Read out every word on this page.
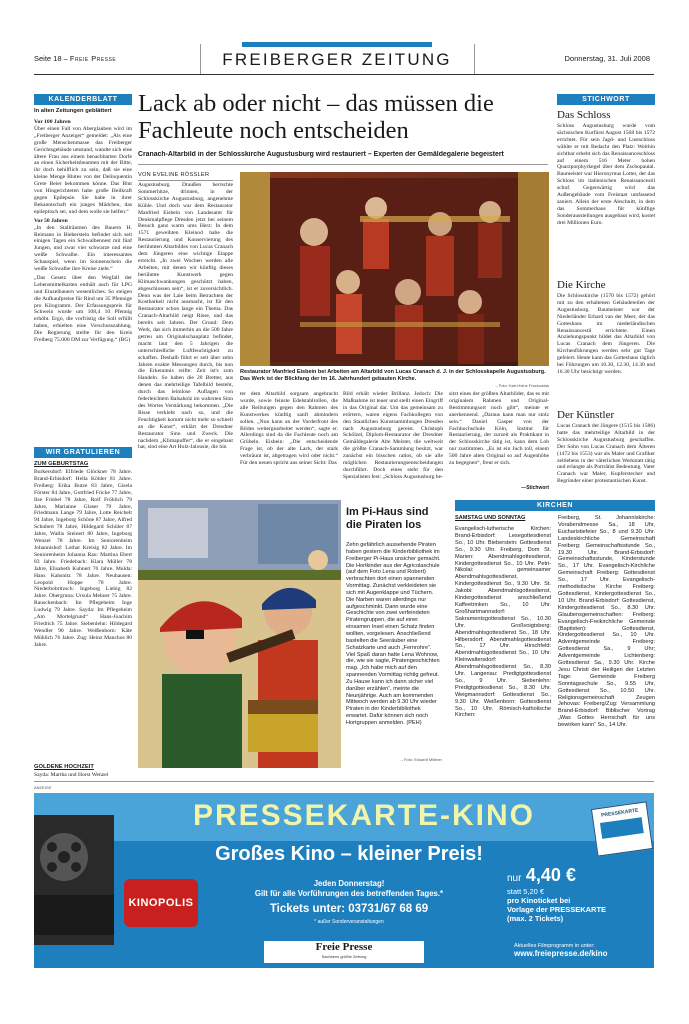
Seite 18 – Freie Presse	FREIBERGER ZEITUNG	Donnerstag, 31. Juli 2008
KALENDERBLATT
In alten Zeitungen geblättert

Vor 100 Jahren
Über einen Fall von Aberglauben wird im „Freiberger Anzeiger“ gemeldet: „Als eine große Menschenmasse das Freiberger Gerichtsgebäude umstand, wandte sich eine ältere Frau aus einem benachbarten Dorfe an einen Sicherheitsbeamten mit der Bitte, ihr doch behilflich zu sein, daß sie eine kleine Menge Blutes von der Delinquentin Grete Beier bekommen könne. Das Blut von Hingerichteten habe große Heilkraft gegen Epilepsie. Sie habe in ihrer Bekanntschaft ein junges Mädchen, das epileptisch sei, und dem wolle sie helfen.“

Vor 50 Jahren
„In den Stallräumen des Bauern H. Reimann in Bieberstein befindet sich seit einigen Tagen ein Schwalbennest mit fünf Jungen, und zwar vier schwarze und eine weiße Schwalbe. Ein interessantes Schauspiel, wenn im Sonnenschein die weiße Schwalbe ihre Kreise zieht.“

„Das Gesetz über den Wegfall der Lebensmittelkarten enthält auch für LPG und Einzelbauern wesentliches. So steigen die Aufkaufpreise für Rind um 35 Pfennige pro Kilogramm. Der Erfassungspreis für Schwein wurde um 108,4 10 Pfennig erhöht. Ergo, die vorfristig die Soll erfüllt haben, erhielten eine Vorschusszahlung. Die Regierung stellte für den Kreis Freiberg 75.000 DM zur Verfügung.“ (BG)

WIR GRATULIEREN
ZUM GEBURTSTAG
Burkersdorf: Elfriede Glöckner 78 Jahre. Brand-Erbisdorf: Hella Köhler 81 Jahre. Freiberg: Erika Butze 83 Jahre, Gisela Förster 84 Jahre, Gottfried Fricke 77 Jahre, Ilse Friebel 78 Jahre, Rolf Fröhlich 79 Jahre, Marianne Glaser 79 Jahre, Friedmann Lange 79 Jahre, Lotte Reichelt 94 Jahre, Ingeborg Schöne 87 Jahre, Alfred Schubert 78 Jahre, Hildegard Schüler 87 Jahre, Wallis Steinert 80 Jahre, Ingeborg Wenzel 78 Jahre. Im Seniorenheim Johannishof: Lothar Kreisig 82 Jahre. Im Seniorenheim Johanna Rau: Martina Ebert 83 Jahre. Friedebach: Klara Müller 78 Jahre, Elisabeth Kuhnert 76 Jahre. Mulda: Hans Kahsnitz 78 Jahre. Neuhausen: Leopold Hoppe 70 Jahre. Niederbobritzsch: Ingeborg Liebig 82 Jahre. Obergruna: Ursula Mehner 75 Jahre. Rauschenbach: Im Pflegeheim Inge Ludwig 79 Jahre. Sayda: Im Pflegeheim „Am Mortelgrund“ Hans-Joachim Friedrich 75 Jahre. Siebenlehn: Hildegard Wendler 90 Jahre. Weißenborn: Käte Mühlich 76 Jahre. Zug: Heinz Manchos 80 Jahre.
GOLDENE HOCHZEIT
Sayda: Martha und Horst Wenzel
Lack ab oder nicht – das müssen die Fachleute noch entscheiden
Cranach-Altarbild in der Schlosskirche Augustusburg wird restauriert – Experten der Gemäldegalerie begeistert
VON EVELINE RÖSSLER
Augustusburg. Draußen herrschte Sommerhitze, drinnen, in der Schlosskirche Augustusburg, angenehme Kühle. Und doch war dem Restaurator Manfried Eisbein von Landesamt für Denkmalpflege Dresden jetzt bei seinem Besuch ganz warm ums Herz: In dem 1571 geweihten Kleinod habe die Restaurierung und Konservierung des berühmten Altarbildes von Lucas Cranach dem Jüngeren eine wichtige Etappe erreicht. „In zwei Wochen werden alle Arbeiten, mit denen wir künftig dieses berühmte Kunstwerk gegen Klimaschwankungen geschützt haben, abgeschlossen sein“, ist er zuversichtlich. Denn was der Laie beim Betrachten der Kostbarkeit nicht ausmacht, ist für den Restaurator schon lange ein Thema. Das Cranach-Altarbild neigt Risse, und das bereits seit Jahren. Der Grund: Dem Werk, das sich immerhin an die 500 Jahre getreu am Originalschauplatz befindet, macht laut den 5 Jahrigen die unterschiedliche Luftfeuchtigkeit zu schaffen. Deshalb führt er seit über zehn Jahren exakte Messungen durch, bis nun die Erkenntnis reifte: Zeit ist's zum Handeln. So haben die 20 Bretter, aus denen das mehrteilige Tafelbild besteht, durch das leimlose Auflagen von federleichtem Balsaholz im wahrsten Sinn des Wortes Verstärkung bekommen. „Die Risse verklebt nach so, und die Feuchtigkeit kommt nicht mehr so schnell an die Kunst“, erklärt der Dresdner Restaurator Sinn und Zweck. Die nachdem „Klimapuffer“, die er eingebaut hat, sind eine Art Holz-Jalousie, die hin
Restaurator Manfried Eisbein bei Arbeiten am Altarbild von Lucas Cranach d. J. in der Schlosskapelle Augustusburg. Das Werk ist der Blickfang der im 16. Jahrhundert gebauten Kirche.
– Foto: Karl-Heinz Frackowiak
ter dem Altarbild sorgsam angebracht wurde, sowie feinste Edelstahlrollen, die alle Reibungen gegen den Rahmen des Kunstwerkes künftig sanft abmindern sollen. „Nun kann an der Vorderfront des Bildes weitergearbeitet werden“, sagte er. Allerdings sind da die Fachleute noch am Grübeln. Eisbein: „Die entscheidende Frage ist, ob der alte Lack, der stark verbräunt ist, abgetragen wird oder nicht.“ Für den neuen spricht aus seiner Sicht: Das
Bild erhält wieder Brillanz. Jedoch: Die Maßnahme ist teuer und stellt einen Eingriff in das Original dar. Um das gemeinsam zu erörtern, waren eigens Fachkollegen von den Staatlichen Kunstsammlungen Dresden nach Augustusburg gereist. Christoph Schölzel, Diplom-Restaurator der Dresdner Gemäldegalerie Alte Meister, die weltweit die größte Cranach-Sammlung besitzt, war zunächst ein bisschen ratlos, ob sie alle möglichen Restaurierungsentscheidungen durchführt. Doch eines steht für den Spezialisten fest: „Schloss Augustusburg be-
sitzt eines der größten Altarbilder, das es mit originalem Rahmen und Original-Bestimmungsort noch gibt“, meinte er anerkennend. „Daraus kann man nur stolz sein.“ Daniel Gasper von der Fachhochschule Köln, Institut für Restaurierung, der zurzeit als Praktikant in der Schlosskirche tätig ist, kann dem Lob nur zustimmen. „Es ist ein Juch toll, einem 500 Jahre alten Original so auf Augenhöhe zu begegnen“, freut er sich.
—Stichwort
STICHWORT
Das Schloss
Schloss Augustusburg wurde vom sächsischen Kurfürst August 1568 bis 1572 errichtet. Für sein Jagd- und Lustschloss wählte er mit Bedacht den Platz: Weithin sichtbar erhebt sich das Renaissanceschloss auf einem 516 Meter hohen Quarzporphyrkegel über dem Zschopautal. Baumeister war Hieronymus Lotter, der das Schloss im italienischen Renaissancestil schuf. Gegenwärtig wird das Außengebäude vom Freistaat umfassend saniert. Allein der erste Abschnitt, in dem das Sommerhaus für künftige Sonderausstellungen ausgebaut wird, kostet drei Millionen Euro.
Die Kirche
Die Schlosskirche (1570 bis 1572) gehört mit zu den erhaltenen Gebäudeteilen der Augustusburg. Baumeister war der Niederländer Erhard van der Meer, der das Gotteshaus im niederländischen Renaissancestil errichtete. Einen Anziehungspunkt bildet das Altarbild von Lucas Cranach dem Jüngeren. Die Kirchenführungen werden sehr gut Tage gefeiert. Heute kann das Gotteshaus täglich bei Führungen um 10.30, 12.30, 14.30 und 16.30 Uhr besichtigt werden.
Der Künstler
Lucas Cranach der Jüngere (1515 bis 1586) hatte das mehrteilige Altarbild in der Schlosskirche Augustusburg geschaffen. Der Sohn von Lucas Cranach dem Älteren (1472 bis 1553) war als Maler und Grafiker zeitlebens in der väterlichen Werkstatt tätig und erlangte als Porträtist Bedeutung. Vater Cranach war Maler, Kupferstecher und Begründer einer protestantischen Kunst.
Im Pi-Haus sind die Piraten los
Zehn gefährlich aussehende Piraten haben gestern die Kinderbibliothek im Freiberger Pi-Haus unsicher gemacht. Die Hortkinder aus der Agricolaschule (auf dem Foto Lena und Robert) verbrachten dort einen spannenden Vormittag. Zunächst verkleideten sie sich mit Augenklappe und Tüchern. Die Narben waren allerdings nur aufgeschminkt. Dann wurde eine Geschichte von zwei verfeindeten Piratengruppen, die auf einer einsamen Insel einen Schatz finden wollten, vorgelesen. Anschließend bastelten die Seeräuber eine Schatzkarte und auch „Fernrohre“. Viel Spaß daran hatte Lena Wohnow, die, wie sie sagte, Piratengeschichten mag. „Ich habe mich auf den spannenden Vormittag richtig gefreut. Zu Hause kann ich dann sicher viel darüber erzählen“, meinte die Neunjährige. Auch am kommenden Mittwoch werden ab 9.30 Uhr wieder Piraten in der Kinderbibliothek erwartet. Dafür können sich noch Hortgruppen anmelden. (PEH)
– Foto: Eckardt Mildner
KIRCHEN
SAMSTAG UND SONNTAG
Evangelisch-lutherische Kirchen: Brand-Erbisdorf: Lesegottesdienst So., 10 Uhr. Bieberstein: Gottesdienst So., 9.30 Uhr. Freiberg, Dom St. Marien: Abendmahlsgottesdienst, Kindergottesdienst So., 10 Uhr. Petri-Nikolai: gemeinsamer Abendmahlsgottesdienst, Kindergottesdienst So., 9.30 Uhr. St. Jakobi: Abendmahlsgottesdienst, Kindergottesdienst anschließend Kaffeetrinken So., 10 Uhr. Großhartmannsdorf: Sakramentsgottesdienst So., 10.30 Uhr. Großvoigtsberg: Abendmahlsgottesdienst So., 18 Uhr. Hilbersdorf: Abendmahlsgottesdienst So., 17 Uhr. Hirschfeld: Abendmahlsgottesdienst So., 10 Uhr. Kleinwaltersdorf: Abendmahlsgottesdienst So., 8.30 Uhr. Langenau: Predigtgottesdienst So., 9 Uhr. Siebenlehn: Predigtgottesdienst So., 8.30 Uhr. Weigmannsdorf: Gottesdienst So., 9.30 Uhr. Weißenborn: Gottesdienst So., 10 Uhr. Römisch-katholische Kirchen:
Freiberg, St. Johanniskirche: Vorabendmesse Sa., 18 Uhr, Eucharistiefeier So., 8 und 9.30 Uhr. Landeskirchliche Gemeinschaft Freiberg: Gemeinschaftsstunde So., 19.30 Uhr. Brand-Erbisdorf: Gemeinschaftsstunde, Kinderstunde So., 17 Uhr. Evangelisch-Kirchliche Gemeinschaft Freiberg: Gottesdienst So., 17 Uhr. Evangelisch-methodistische Kirche Freiberg: Gottesdienst, Kindergottesdienst So., 10 Uhr. Brand-Erbisdorf: Gottesdienst, Kindergottesdienst So., 8.30 Uhr. Glaubensgemeinschaften: Freiberg: Evangelisch-Freikirchliche Gemeinde (Baptisten): Gottesdienst, Kindergottesdienst So., 10 Uhr. Adventgemeinde Freiberg: Gottesdienst Sa., 9 Uhr; Adventgemeinde Lichtenberg: Gottesdienst Sa., 9.30 Uhr. Kirche Jesu Christi der Heiligen der Letzten Tage: Gemeinde Freiberg Sonntagsschule So., 9.55 Uhr, Gottesdienst So., 10.50 Uhr. Religionsgemeinschaft Zeugen Jehovas: Freiberg/Zug: Versammlung Brand-Erbisdorf: Biblischer Vortrag „Was Gottes Herrschaft für uns bewirken kann“ So., 14 Uhr.
ANZEIGE
PRESSEKARTE-KINO
Großes Kino – kleiner Preis!
KINOPOLIS
Jeden Donnerstag!
Gilt für alle Vorführungen des betreffenden Tages.*
Tickets unter: 03731/67 68 69
* außer Sonderveranstaltungen
nur 4,40 €
statt 5,20 €
pro Kinoticket bei
Vorlage der PRESSEKARTE
(max. 2 Tickets)
PRESSEKARTE
Freie Presse
Sachsens größte Zeitung
Aktuelles Filmprogramm in unter:
www.freiepresse.de/kino
